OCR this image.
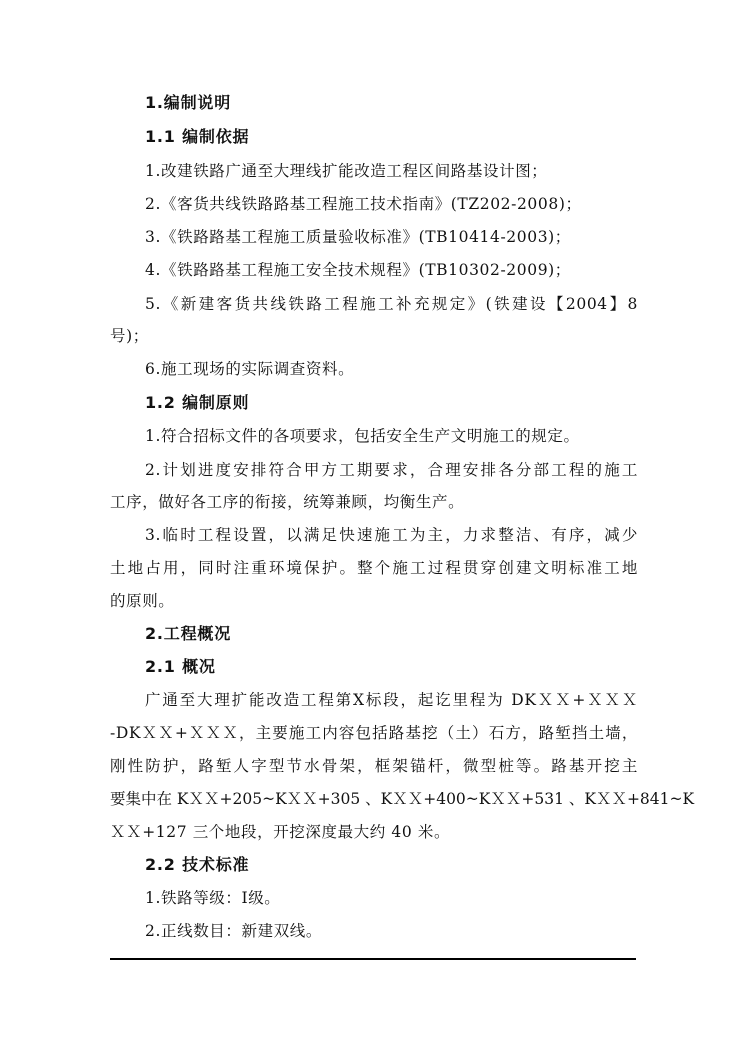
1.编制说明
1.1 编制依据
1.改建铁路广通至大理线扩能改造工程区间路基设计图；
2.《客货共线铁路路基工程施工技术指南》(TZ202-2008)；
3.《铁路路基工程施工质量验收标准》(TB10414-2003)；
4.《铁路路基工程施工安全技术规程》(TB10302-2009)；
5.《新建客货共线铁路工程施工补充规定》(铁建设【2004】8
号)；
6.施工现场的实际调查资料。
1.2 编制原则
1.符合招标文件的各项要求，包括安全生产文明施工的规定。
2.计划进度安排符合甲方工期要求，合理安排各分部工程的施工
工序，做好各工序的衔接，统筹兼顾，均衡生产。
3.临时工程设置，以满足快速施工为主，力求整洁、有序，减少
土地占用，同时注重环境保护。整个施工过程贯穿创建文明标准工地
的原则。
2.工程概况
2.1 概况
广通至大理扩能改造工程第Ⅹ标段，起讫里程为 DKＸＸ+ＸＸＸ
-DKＸＸ+ＸＸＸ，主要施工内容包括路基挖（土）石方，路堑挡土墙，
刚性防护，路堑人字型节水骨架，框架锚杆，微型桩等。路基开挖主
要集中在 KＸＸ+205~KＸＸ+305 、KＸＸ+400~KＸＸ+531 、KＸＸ+841~K
ＸＸ+127 三个地段，开挖深度最大约 40 米。
2.2 技术标准
1.铁路等级：Ⅰ级。
2.正线数目：新建双线。
